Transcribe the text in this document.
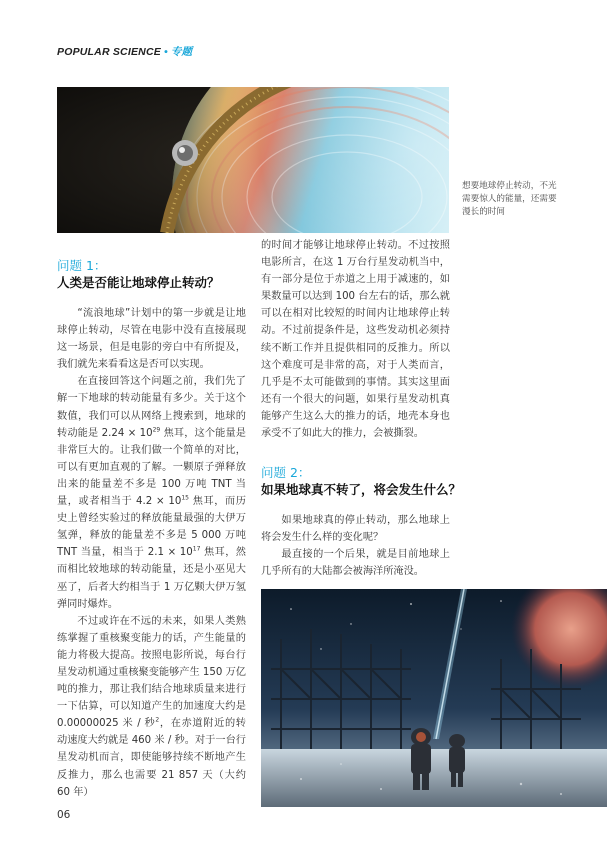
POPULAR SCIENCE • 专题
想要地球停止转动，不光需要惊人的能量，还需要漫长的时间
问题 1：
人类是否能让地球停止转动？

“流浪地球”计划中的第一步就是让地球停止转动，尽管在电影中没有直接展现这一场景，但是电影的旁白中有所提及，我们就先来看看这是否可以实现。

在直接回答这个问题之前，我们先了解一下地球的转动能量有多少。关于这个数值，我们可以从网络上搜索到，地球的转动能是 $2.24 \times 10^{29}$ 焦耳，这个能量是非常巨大的。让我们做一个简单的对比，可以有更加直观的了解。一颗原子弹释放出来的能量差不多是 100 万吨 TNT 当量，或者相当于 $4.2 \times 10^{15}$ 焦耳，而历史上曾经实验过的释放能量最强的大伊万氢弹，释放的能量差不多是 5 000 万吨 TNT 当量，相当于 $2.1 \times 10^{17}$ 焦耳，然而相比较地球的转动能量，还是小巫见大巫了，后者大约相当于 1 万亿颗大伊万氢弹同时爆炸。

不过或许在不远的未来，如果人类熟练掌握了重核聚变能力的话，产生能量的能力将极大提高。按照电影所说，每台行星发动机通过重核聚变能够产生 150 万亿吨的推力，那让我们结合地球质量来进行一下估算，可以知道产生的加速度大约是 0.00000025 米 / 秒$^2$，在赤道附近的转动速度大约就是 460 米 / 秒。对于一台行星发动机而言，即使能够持续不断地产生反推力，那么也需要 21 857 天（大约 60 年）

的时间才能够让地球停止转动。不过按照电影所言，在这 1 万台行星发动机当中，有一部分是位于赤道之上用于减速的，如果数量可以达到 100 台左右的话，那么就可以在相对比较短的时间内让地球停止转动。不过前提条件是，这些发动机必须持续不断工作并且提供相同的反推力。所以这个难度可是非常的高，对于人类而言，几乎是不太可能做到的事情。其实这里面还有一个很大的问题，如果行星发动机真能够产生这么大的推力的话，地壳本身也承受不了如此大的推力，会被撕裂。

问题 2：
如果地球真不转了，将会发生什么？

如果地球真的停止转动，那么地球上将会发生什么样的变化呢？

最直接的一个后果，就是目前地球上几乎所有的大陆都会被海洋所淹没。

06
